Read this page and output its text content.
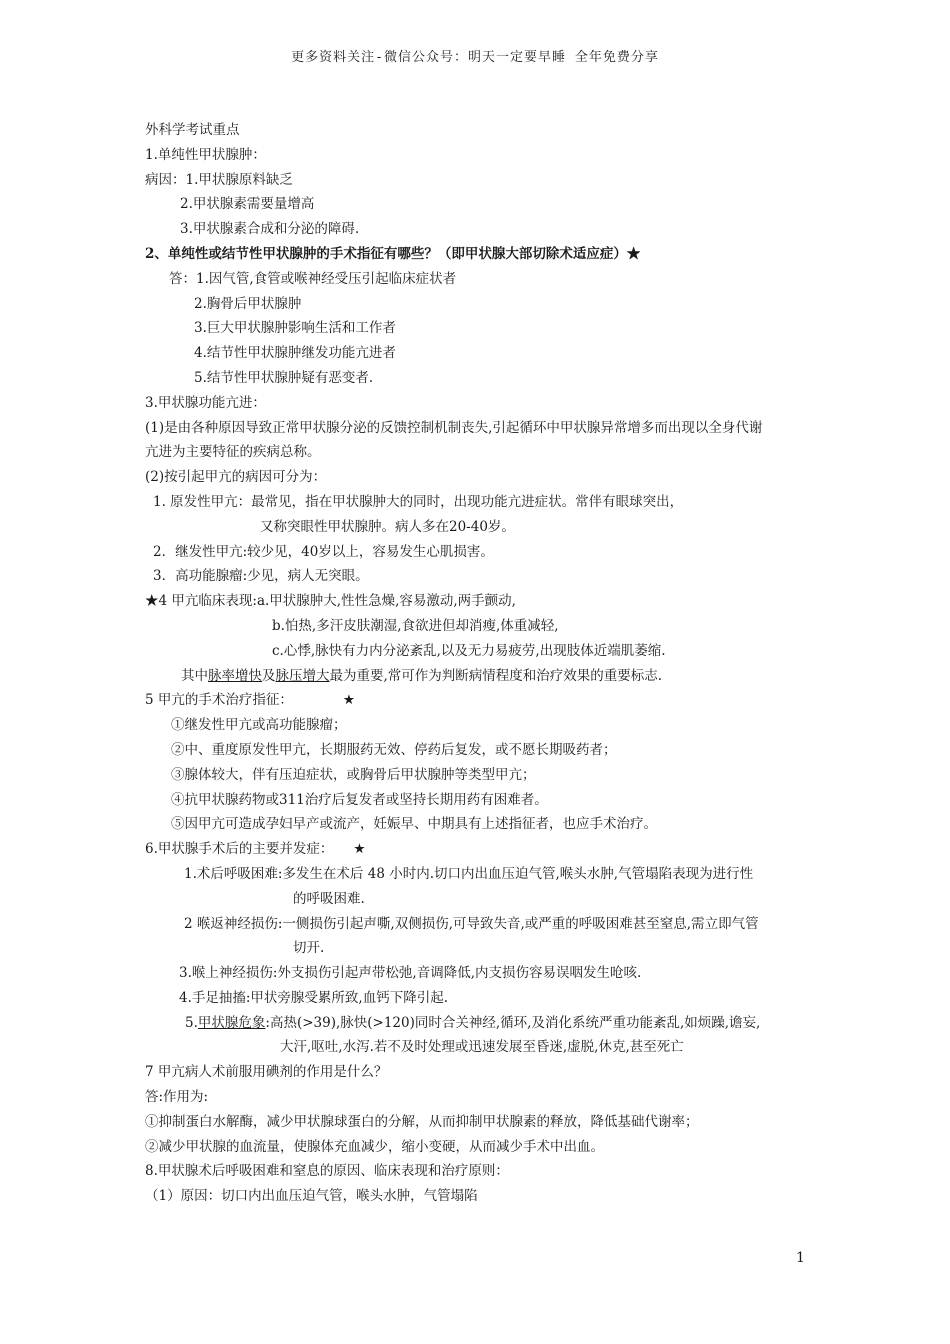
更多资料关注-微信公众号：明天一定要早睡 全年免费分享
外科学考试重点
1.单纯性甲状腺肿：
病因：1.甲状腺原料缺乏
2.甲状腺素需要量增高
3.甲状腺素合成和分泌的障碍.
2、单纯性或结节性甲状腺肿的手术指征有哪些？（即甲状腺大部切除术适应症）★
答：1.因气管,食管或喉神经受压引起临床症状者
2.胸骨后甲状腺肿
3.巨大甲状腺肿影响生活和工作者
4.结节性甲状腺肿继发功能亢进者
5.结节性甲状腺肿疑有恶变者.
3.甲状腺功能亢进：
(1)是由各种原因导致正常甲状腺分泌的反馈控制机制丧失,引起循环中甲状腺异常增多而出现以全身代谢
亢进为主要特征的疾病总称。
(2)按引起甲亢的病因可分为：
1. 原发性甲亢：最常见，指在甲状腺肿大的同时，出现功能亢进症状。常伴有眼球突出，
又称突眼性甲状腺肿。病人多在20-40岁。
2．继发性甲亢:较少见，40岁以上，容易发生心肌损害。
3．高功能腺瘤:少见，病人无突眼。
★4 甲亢临床表现:a.甲状腺肿大,性性急燥,容易激动,两手颤动,
b.怕热,多汗皮肤潮湿,食欲进但却消瘦,体重减轻,
c.心悸,脉快有力内分泌紊乱,以及无力易疲劳,出现肢体近端肌萎缩.
其中脉率增快及脉压增大最为重要,常可作为判断病情程度和治疗效果的重要标志.
5 甲亢的手术治疗指征：	★
①继发性甲亢或高功能腺瘤；
②中、重度原发性甲亢，长期服药无效、停药后复发，或不愿长期吸药者；
③腺体较大，伴有压迫症状，或胸骨后甲状腺肿等类型甲亢；
④抗甲状腺药物或311治疗后复发者或坚持长期用药有困难者。
⑤因甲亢可造成孕妇早产或流产，妊娠早、中期具有上述指征者，也应手术治疗。
6.甲状腺手术后的主要并发症： ★
1.术后呼吸困难:多发生在术后 48 小时内.切口内出血压迫气管,喉头水肿,气管塌陷表现为进行性
的呼吸困难.
2 喉返神经损伤:一侧损伤引起声嘶,双侧损伤,可导致失音,或严重的呼吸困难甚至窒息,需立即气管
切开.
3.喉上神经损伤:外支损伤引起声带松弛,音调降低,内支损伤容易误咽发生呛咳.
4.手足抽搐:甲状旁腺受累所致,血钙下降引起.
5.甲状腺危象:高热(>39),脉快(>120)同时合关神经,循环,及消化系统严重功能紊乱,如烦躁,谵妄,
大汗,呕吐,水泻.若不及时处理或迅速发展至昏迷,虚脱,休克,甚至死亡
7 甲亢病人术前服用碘剂的作用是什么？
答:作用为:
①抑制蛋白水解酶，减少甲状腺球蛋白的分解，从而抑制甲状腺素的释放，降低基础代谢率；
②减少甲状腺的血流量，使腺体充血减少，缩小变硬，从而减少手术中出血。
8.甲状腺术后呼吸困难和窒息的原因、临床表现和治疗原则：
（1）原因：切口内出血压迫气管，喉头水肿，气管塌陷
1
